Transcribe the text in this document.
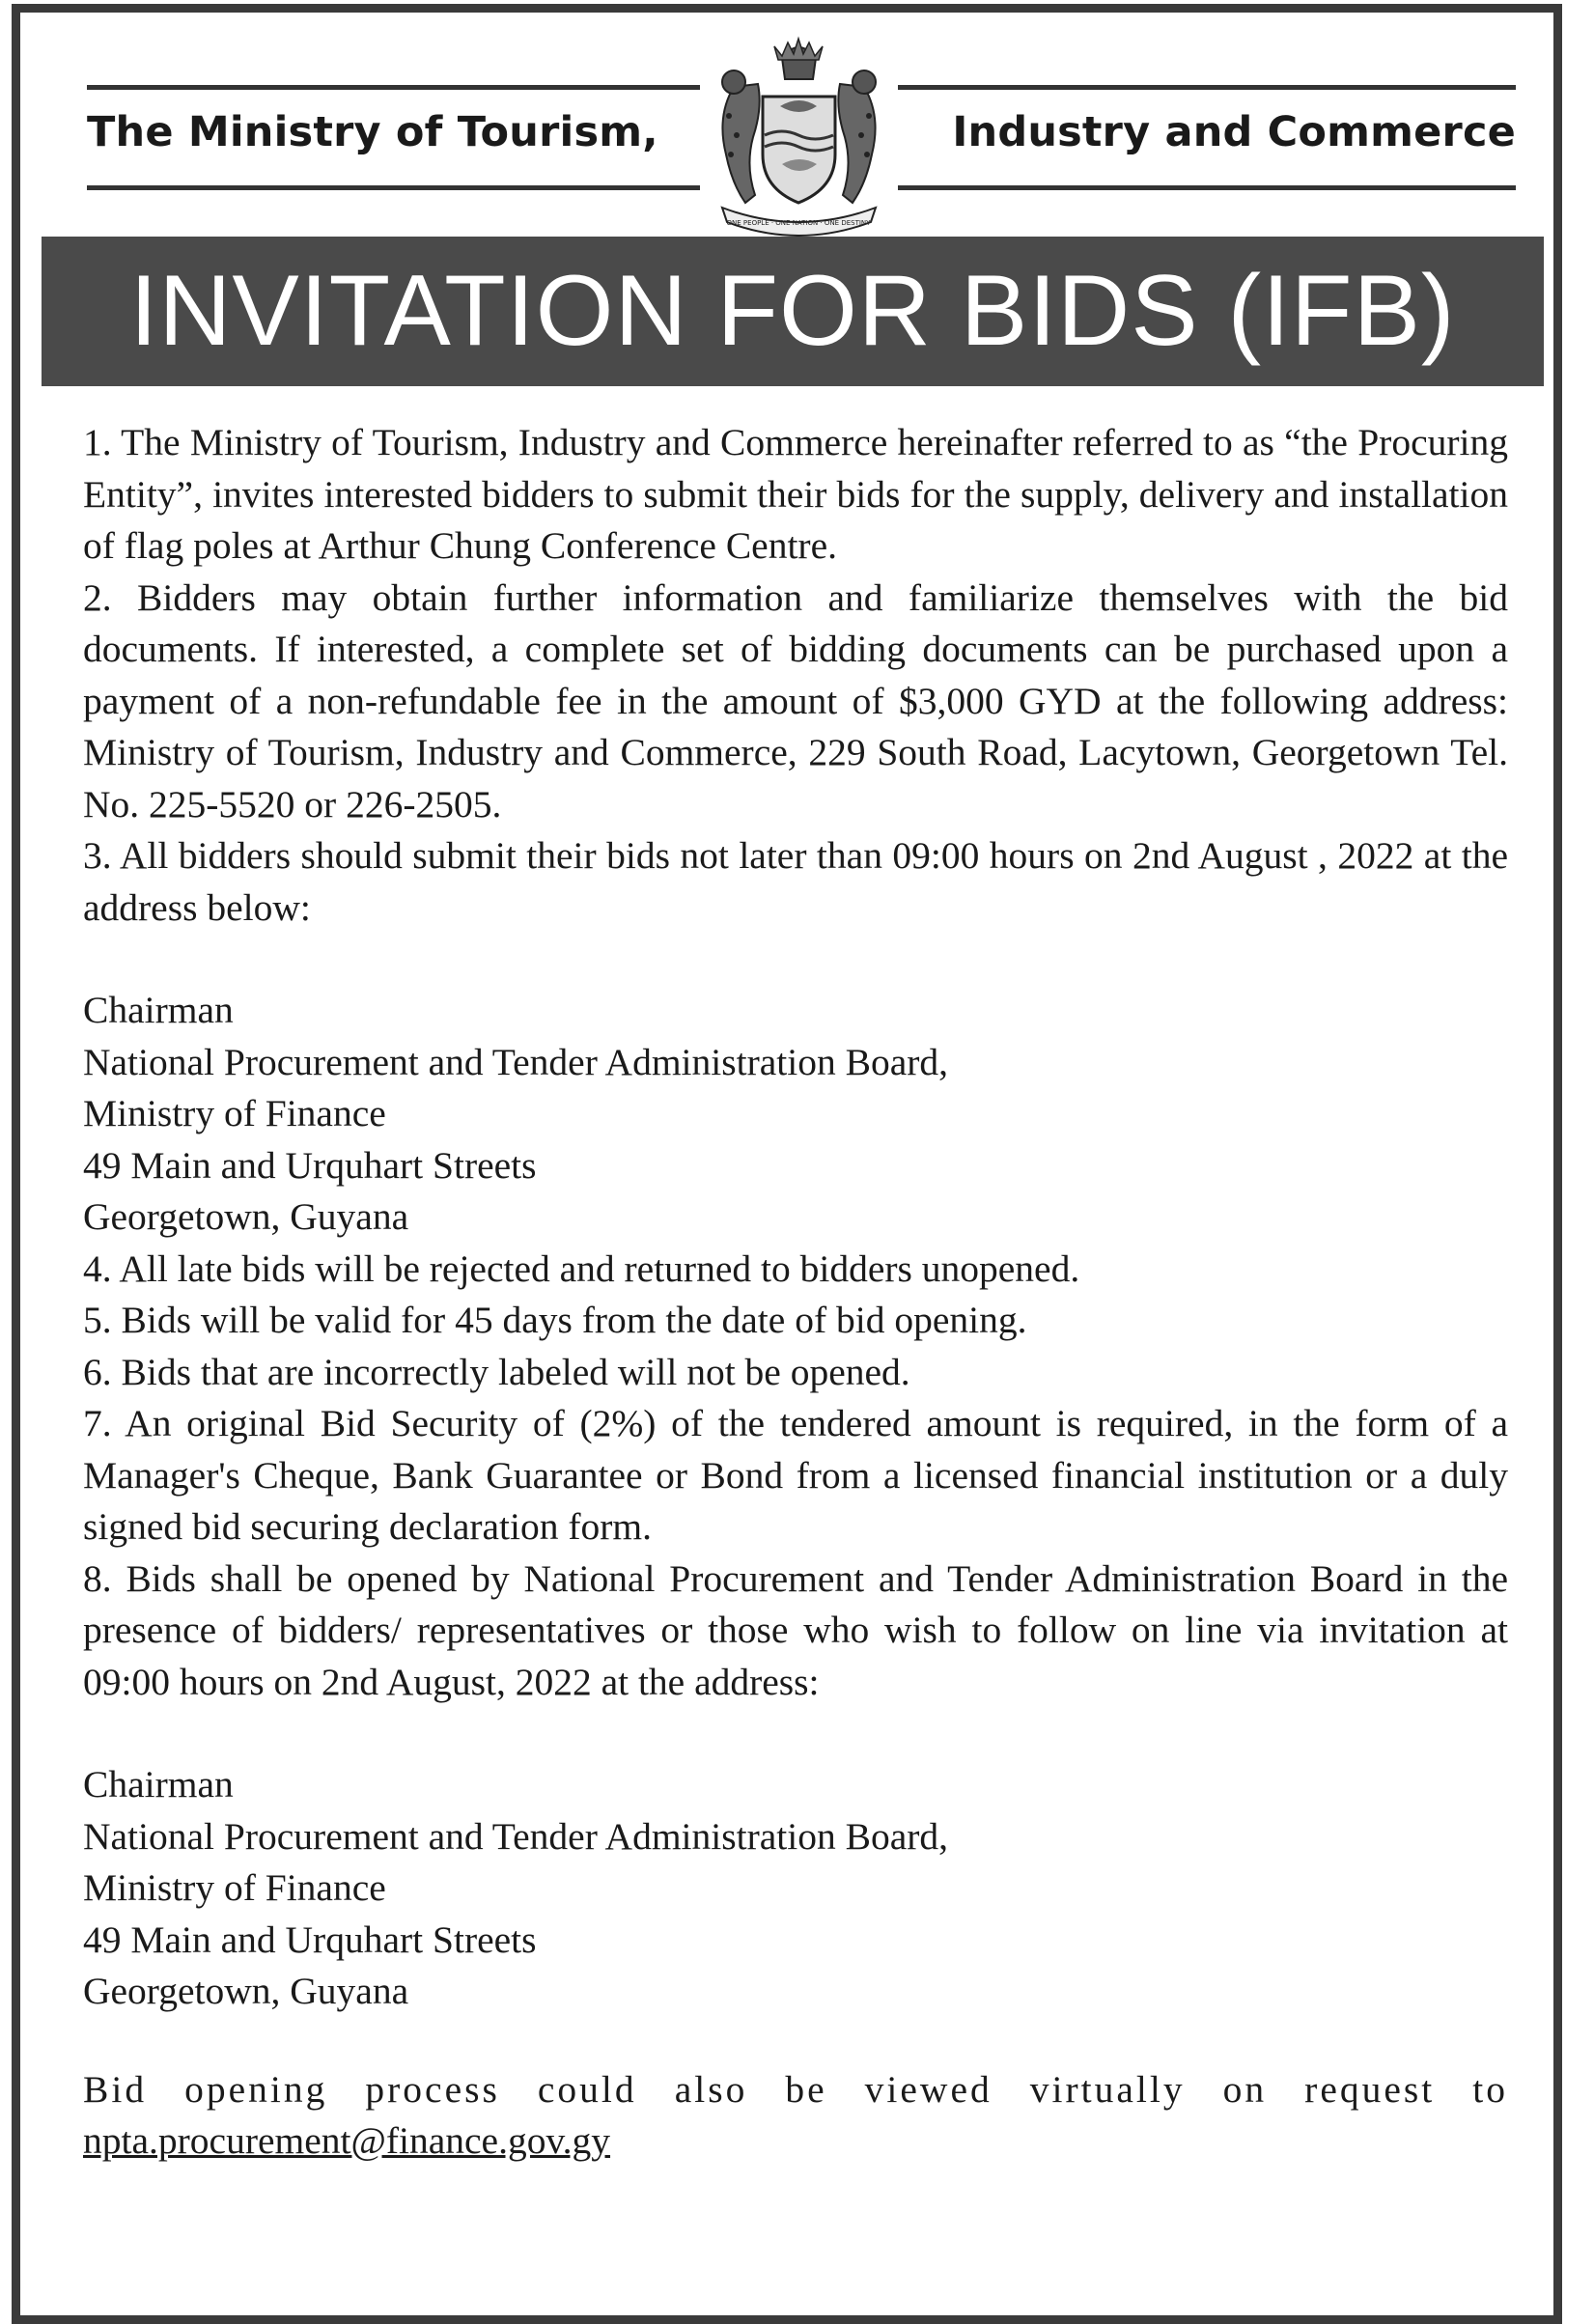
The Ministry of Tourism,	Industry and Commerce
ONE PEOPLE · ONE NATION · ONE DESTINY
INVITATION FOR BIDS (IFB)

1. The Ministry of Tourism, Industry and Commerce hereinafter referred to as “the Procuring Entity”, invites interested bidders to submit their bids for the supply, delivery and installation of flag poles at Arthur Chung Conference Centre.

2. Bidders may obtain further information and familiarize themselves with the bid documents. If interested, a complete set of bidding documents can be purchased upon a payment of a non-refundable fee in the amount of $3,000 GYD at the following address: Ministry of Tourism, Industry and Commerce, 229 South Road, Lacytown, Georgetown Tel. No. 225-5520 or 226-2505.

3. All bidders should submit their bids not later than 09:00 hours on 2nd August , 2022 at the address below:

Chairman

National Procurement and Tender Administration Board,

Ministry of Finance

49 Main and Urquhart Streets

Georgetown, Guyana

4. All late bids will be rejected and returned to bidders unopened.

5. Bids will be valid for 45 days from the date of bid opening.

6. Bids that are incorrectly labeled will not be opened.

7. An original Bid Security of (2%) of the tendered amount is required, in the form of a Manager's Cheque, Bank Guarantee or Bond from a licensed financial institution or a duly signed bid securing declaration form.

8. Bids shall be opened by National Procurement and Tender Administration Board in the presence of bidders/ representatives or those who wish to follow on line via invitation at 09:00 hours on 2nd August, 2022 at the address:

Chairman

National Procurement and Tender Administration Board,

Ministry of Finance

49 Main and Urquhart Streets

Georgetown, Guyana

Bid opening process could also be viewed virtually on request to npta.procurement@finance.gov.gy
